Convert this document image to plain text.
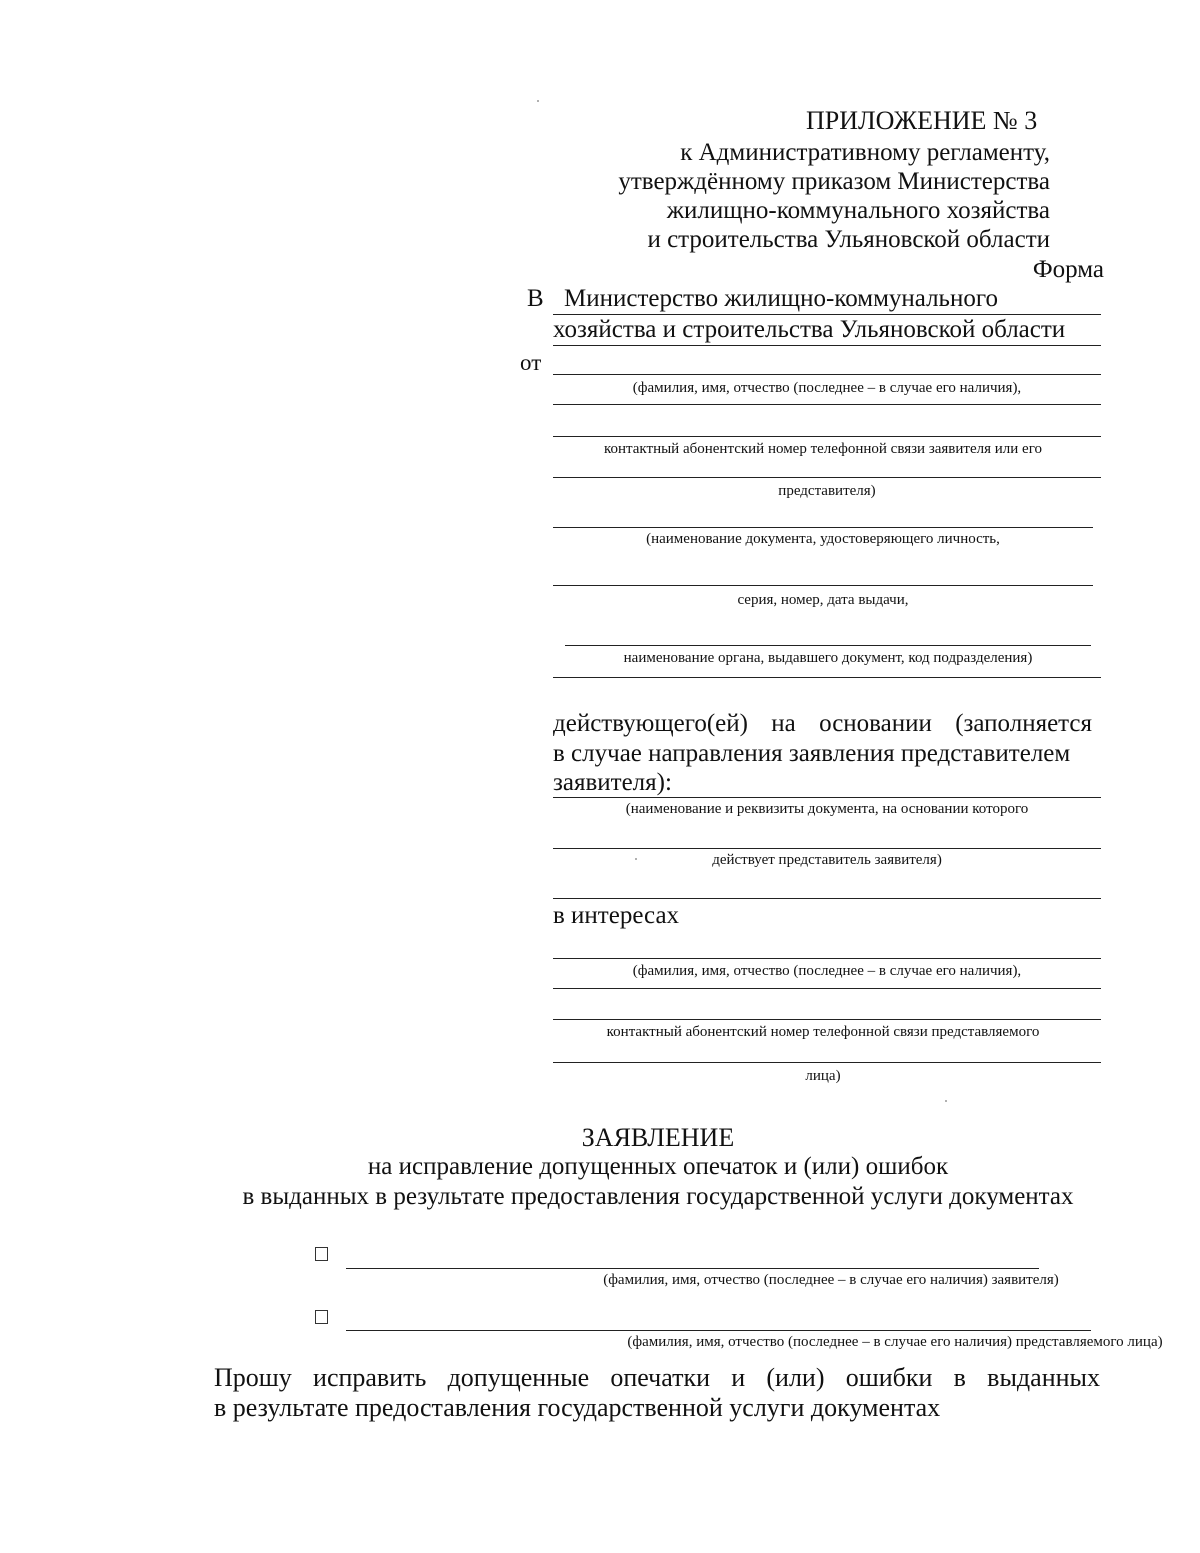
ПРИЛОЖЕНИЕ № 3
к Административному регламенту,
утверждённому приказом Министерства
жилищно-коммунального хозяйства
и строительства Ульяновской области
Форма
В Министерство жилищно-коммунального
хозяйства и строительства Ульяновской области
от
(фамилия, имя, отчество (последнее – в случае его наличия),
контактный абонентский номер телефонной связи заявителя или его
представителя)
(наименование документа, удостоверяющего личность,
серия, номер, дата выдачи,
наименование органа, выдавшего документ, код подразделения)
действующего(ей) на основании (заполняется
в случае направления заявления представителем
заявителя):
(наименование и реквизиты документа, на основании которого
действует представитель заявителя)
в интересах
(фамилия, имя, отчество (последнее – в случае его наличия),
контактный абонентский номер телефонной связи представляемого
лица)
ЗАЯВЛЕНИЕ
на исправление допущенных опечаток и (или) ошибок
в выданных в результате предоставления государственной услуги документах
(фамилия, имя, отчество (последнее – в случае его наличия) заявителя)
(фамилия, имя, отчество (последнее – в случае его наличия) представляемого лица)
Прошу исправить допущенные опечатки и (или) ошибки в выданных
в результате предоставления государственной услуги документах
